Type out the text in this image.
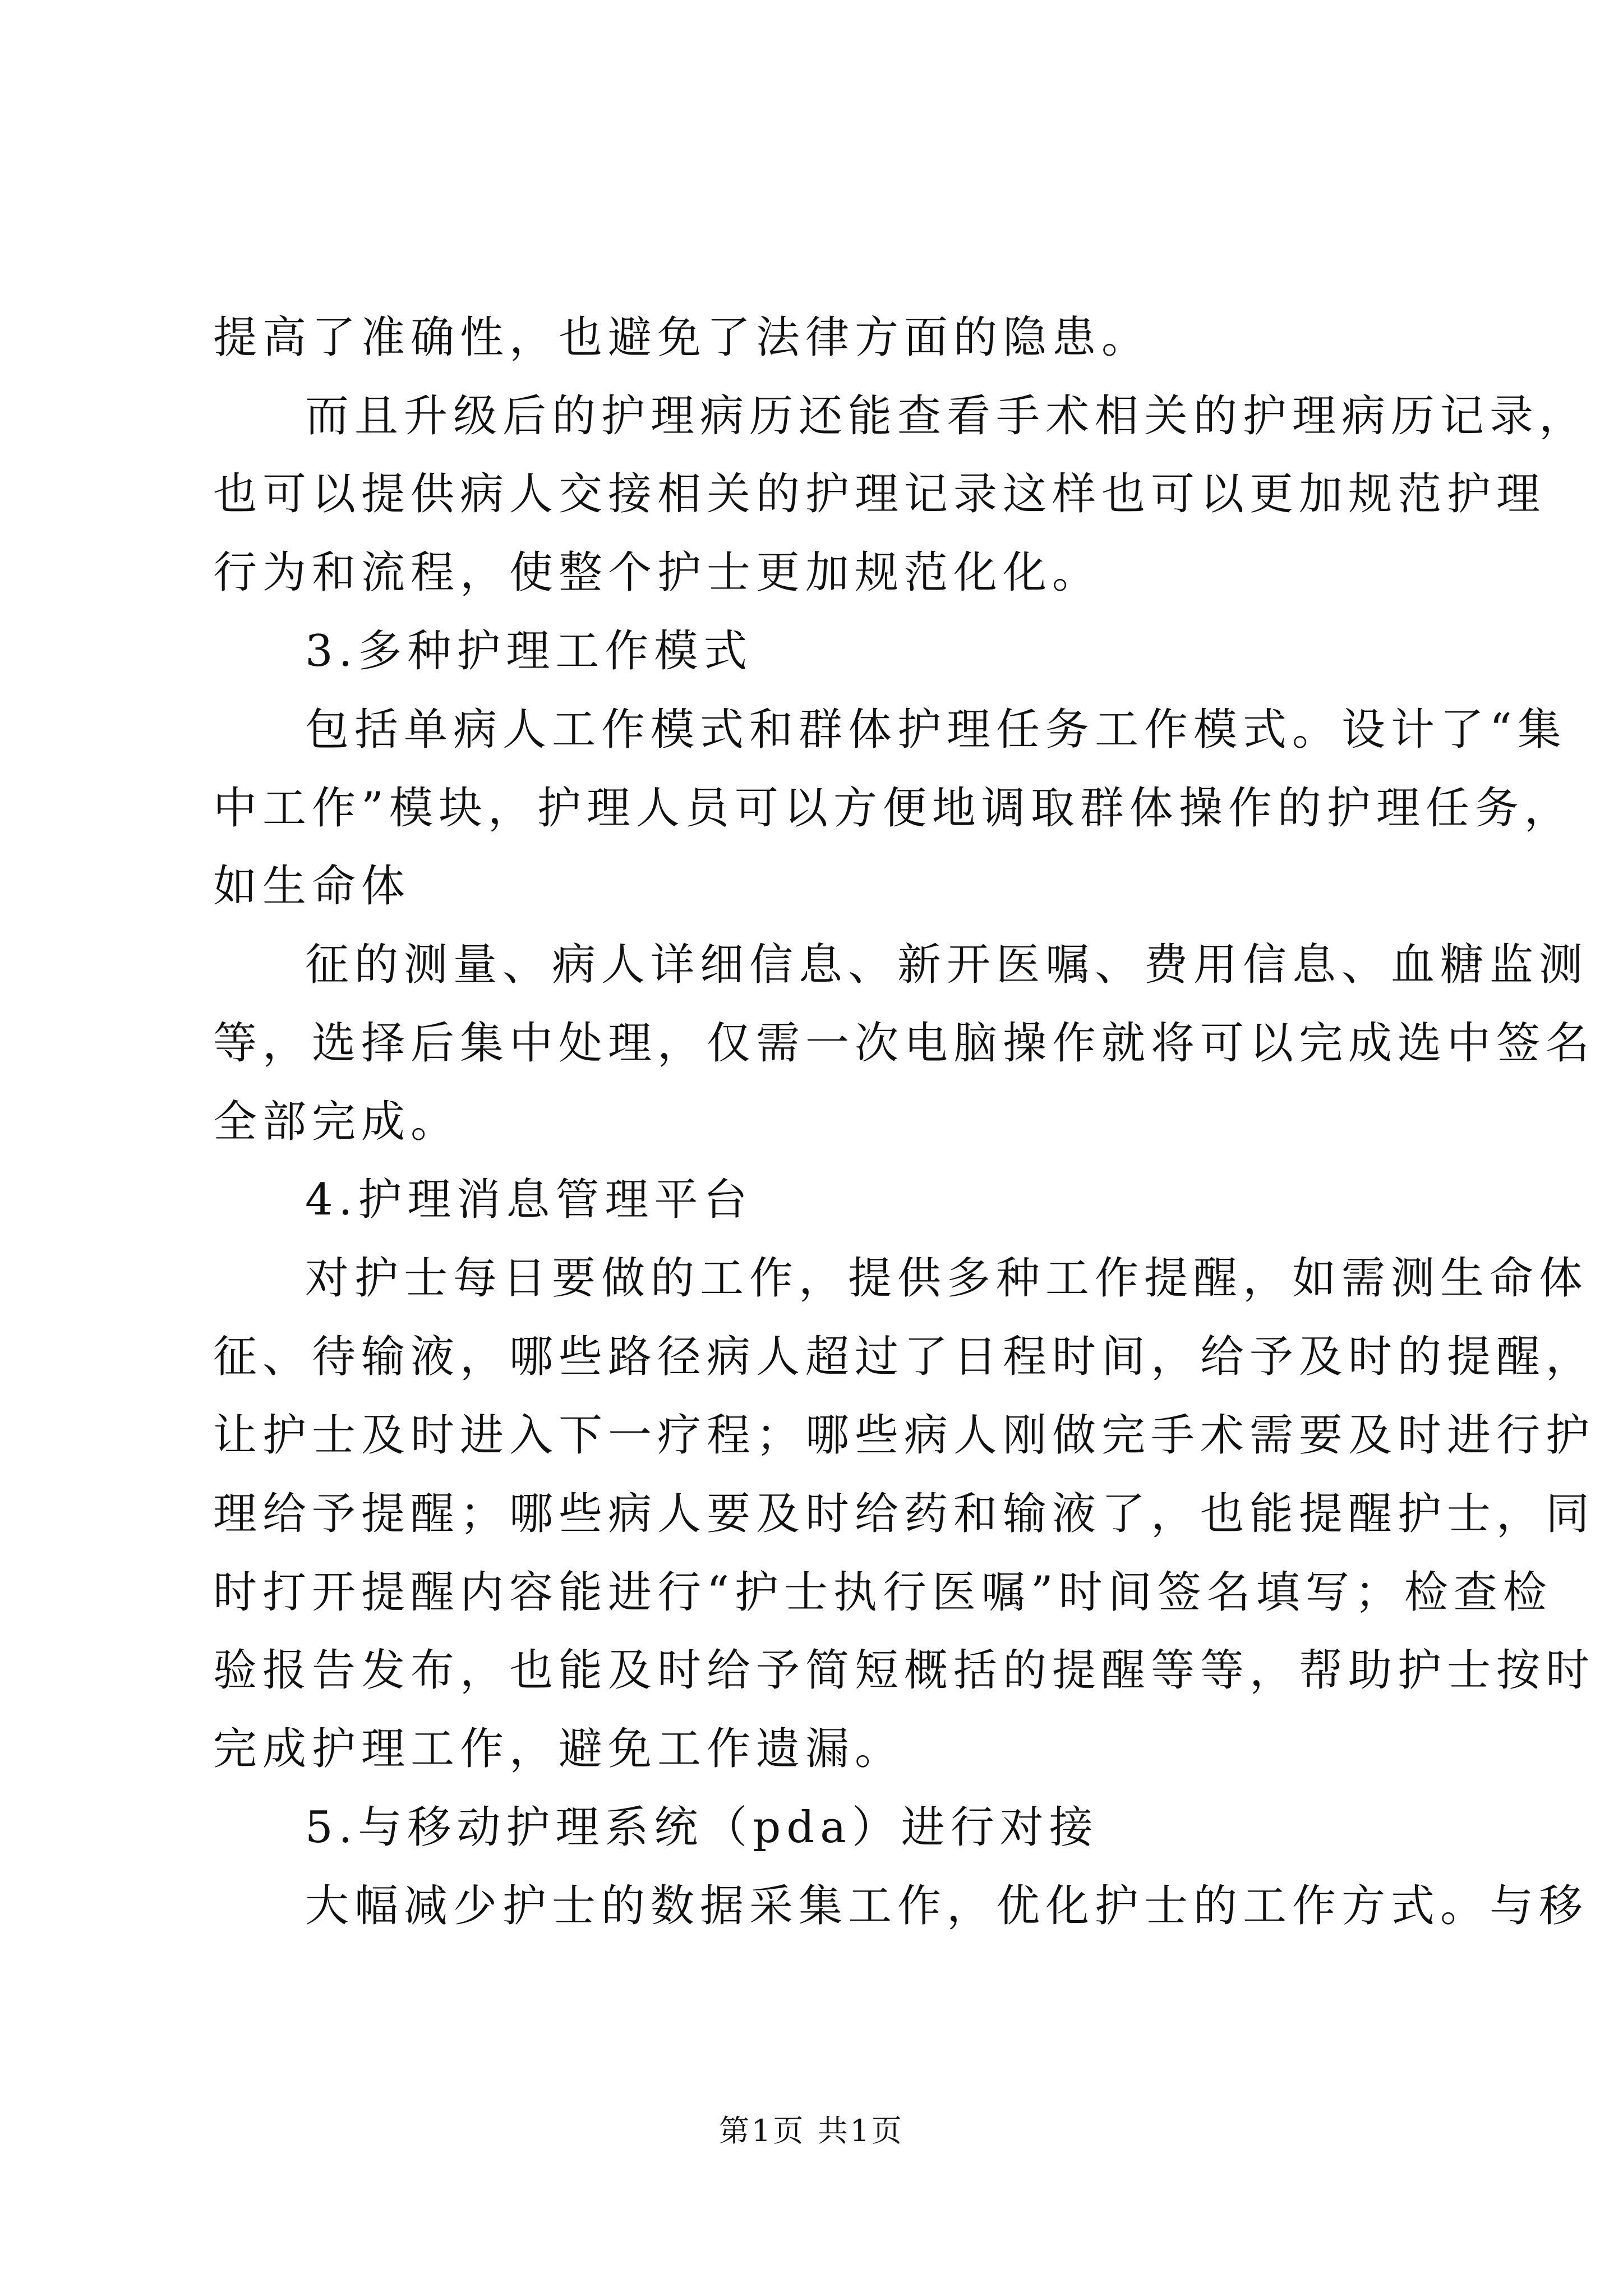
提高了准确性，也避免了法律方面的隐患。
而且升级后的护理病历还能查看手术相关的护理病历记录，
也可以提供病人交接相关的护理记录这样也可以更加规范护理
行为和流程，使整个护士更加规范化化。
3.多种护理工作模式
包括单病人工作模式和群体护理任务工作模式。设计了“集
中工作”模块，护理人员可以方便地调取群体操作的护理任务，
如生命体
征的测量、病人详细信息、新开医嘱、费用信息、血糖监测
等，选择后集中处理，仅需一次电脑操作就将可以完成选中签名
全部完成。
4.护理消息管理平台
对护士每日要做的工作，提供多种工作提醒，如需测生命体
征、待输液，哪些路径病人超过了日程时间，给予及时的提醒，
让护士及时进入下一疗程；哪些病人刚做完手术需要及时进行护
理给予提醒；哪些病人要及时给药和输液了，也能提醒护士，同
时打开提醒内容能进行“护士执行医嘱”时间签名填写；检查检
验报告发布，也能及时给予简短概括的提醒等等，帮助护士按时
完成护理工作，避免工作遗漏。
5.与移动护理系统（pda）进行对接
大幅减少护士的数据采集工作，优化护士的工作方式。与移
第1页 共1页
